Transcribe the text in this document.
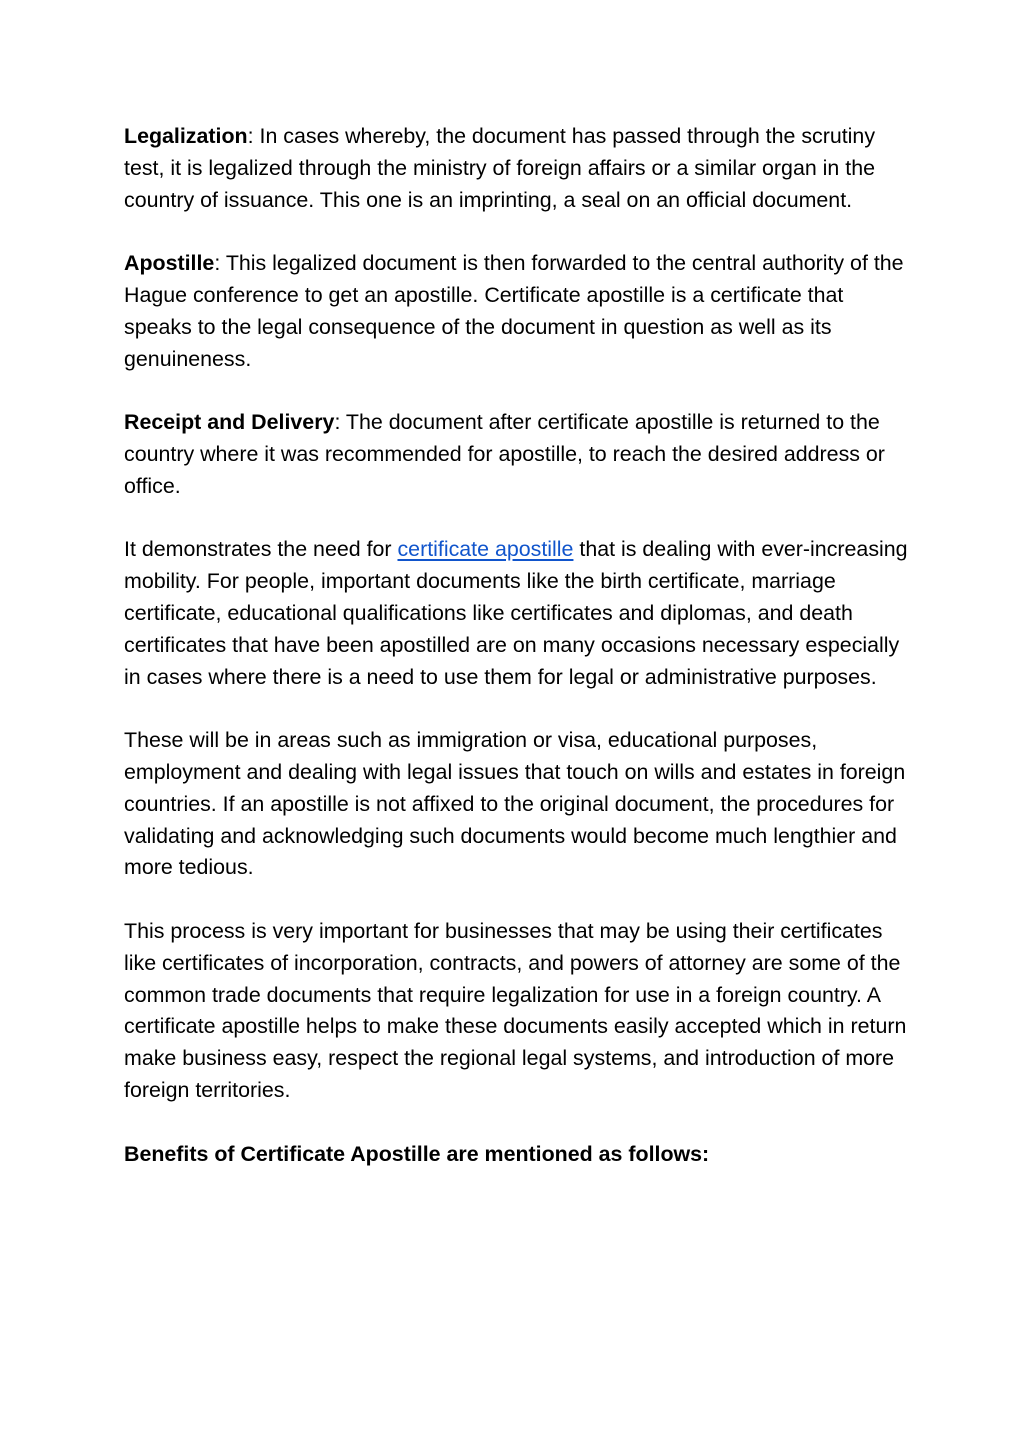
Legalization: In cases whereby, the document has passed through the scrutiny test, it is legalized through the ministry of foreign affairs or a similar organ in the country of issuance. This one is an imprinting, a seal on an official document.

Apostille: This legalized document is then forwarded to the central authority of the Hague conference to get an apostille. Certificate apostille is a certificate that speaks to the legal consequence of the document in question as well as its genuineness.

Receipt and Delivery: The document after certificate apostille is returned to the country where it was recommended for apostille, to reach the desired address or office.

It demonstrates the need for certificate apostille that is dealing with ever-increasing mobility. For people, important documents like the birth certificate, marriage certificate, educational qualifications like certificates and diplomas, and death certificates that have been apostilled are on many occasions necessary especially in cases where there is a need to use them for legal or administrative purposes.

These will be in areas such as immigration or visa, educational purposes, employment and dealing with legal issues that touch on wills and estates in foreign countries. If an apostille is not affixed to the original document, the procedures for validating and acknowledging such documents would become much lengthier and more tedious.

This process is very important for businesses that may be using their certificates like certificates of incorporation, contracts, and powers of attorney are some of the common trade documents that require legalization for use in a foreign country. A certificate apostille helps to make these documents easily accepted which in return make business easy, respect the regional legal systems, and introduction of more foreign territories.

Benefits of Certificate Apostille are mentioned as follows:
